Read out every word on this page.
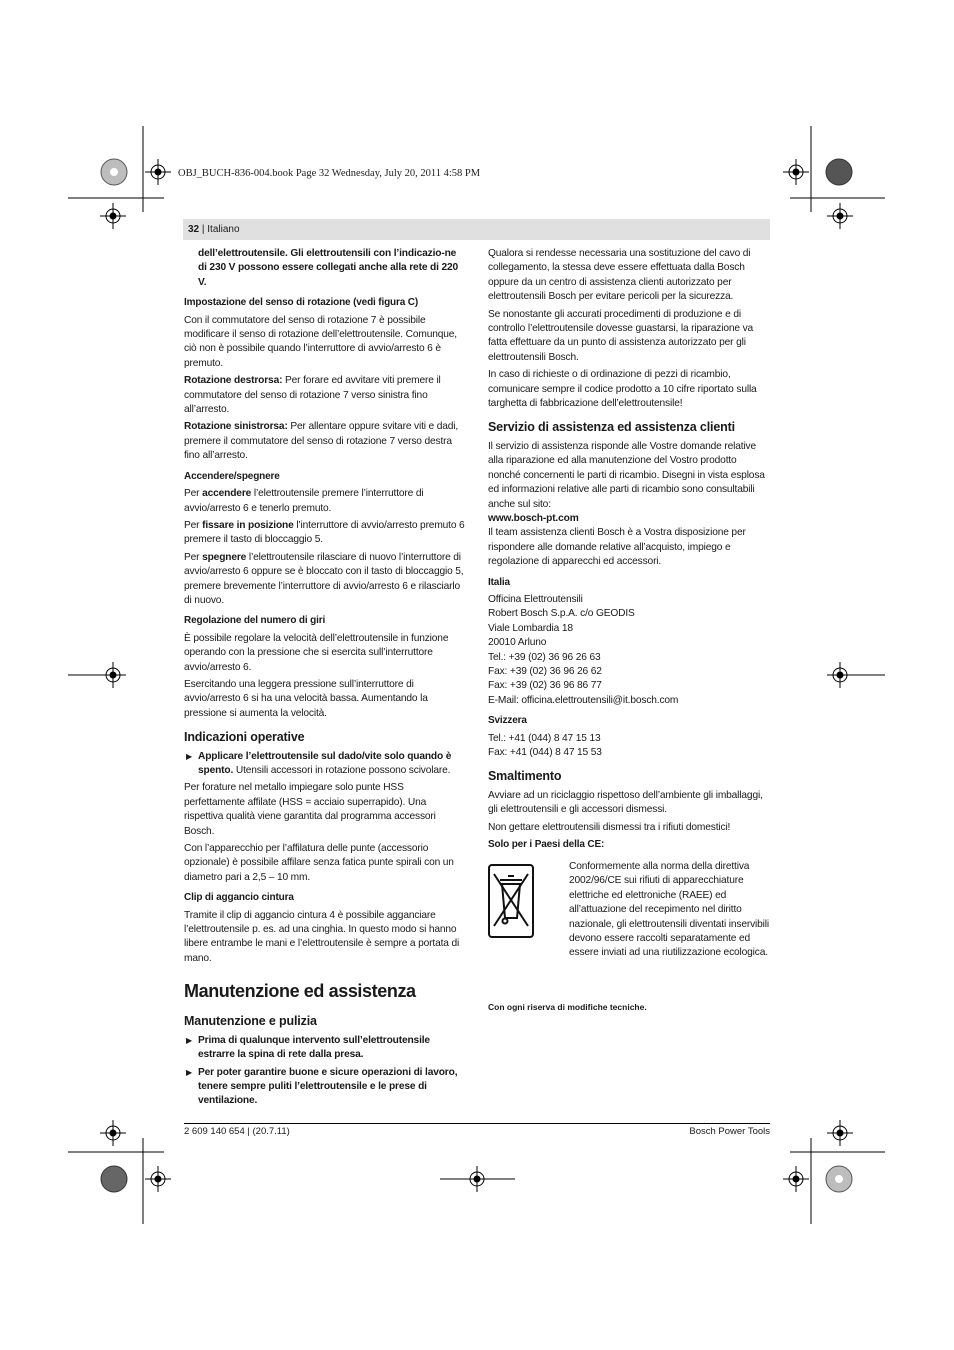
OBJ_BUCH-836-004.book Page 32 Wednesday, July 20, 2011 4:58 PM
32 | Italiano

dell’elettroutensile. Gli elettroutensili con l’indicazio-ne di 230 V possono essere collegati anche alla rete di 220 V.

Impostazione del senso di rotazione (vedi figura C)

Con il commutatore del senso di rotazione 7 è possibile modificare il senso di rotazione dell’elettroutensile. Comunque, ciò non è possibile quando l’interruttore di avvio/arresto 6 è premuto.

Rotazione destrorsa: Per forare ed avvitare viti premere il commutatore del senso di rotazione 7 verso sinistra fino all’arresto.

Rotazione sinistrorsa: Per allentare oppure svitare viti e dadi, premere il commutatore del senso di rotazione 7 verso destra fino all’arresto.

Accendere/spegnere

Per accendere l’elettroutensile premere l’interruttore di avvio/arresto 6 e tenerlo premuto.

Per fissare in posizione l’interruttore di avvio/arresto premuto 6 premere il tasto di bloccaggio 5.

Per spegnere l’elettroutensile rilasciare di nuovo l’interruttore di avvio/arresto 6 oppure se è bloccato con il tasto di bloccaggio 5, premere brevemente l’interruttore di avvio/arresto 6 e rilasciarlo di nuovo.

Regolazione del numero di giri

È possibile regolare la velocità dell’elettroutensile in funzione operando con la pressione che si esercita sull’interruttore avvio/arresto 6.

Esercitando una leggera pressione sull’interruttore di avvio/arresto 6 si ha una velocità bassa. Aumentando la pressione si aumenta la velocità.

Indicazioni operative
▶ Applicare l’elettroutensile sul dado/vite solo quando è spento. Utensili accessori in rotazione possono scivolare.

Per forature nel metallo impiegare solo punte HSS perfettamente affilate (HSS = acciaio superrapido). Una rispettiva qualità viene garantita dal programma accessori Bosch.

Con l’apparecchio per l’affilatura delle punte (accessorio opzionale) è possibile affilare senza fatica punte spirali con un diametro pari a 2,5 – 10 mm.

Clip di aggancio cintura

Tramite il clip di aggancio cintura 4 è possibile agganciare l’elettroutensile p. es. ad una cinghia. In questo modo si hanno libere entrambe le mani e l’elettroutensile è sempre a portata di mano.

Manutenzione ed assistenza
Manutenzione e pulizia
▶ Prima di qualunque intervento sull’elettroutensile estrarre la spina di rete dalla presa.
▶ Per poter garantire buone e sicure operazioni di lavoro, tenere sempre puliti l’elettroutensile e le prese di ventilazione.

Qualora si rendesse necessaria una sostituzione del cavo di collegamento, la stessa deve essere effettuata dalla Bosch oppure da un centro di assistenza clienti autorizzato per elettroutensili Bosch per evitare pericoli per la sicurezza.

Se nonostante gli accurati procedimenti di produzione e di controllo l’elettroutensile dovesse guastarsi, la riparazione va fatta effettuare da un punto di assistenza autorizzato per gli elettroutensili Bosch.

In caso di richieste o di ordinazione di pezzi di ricambio, comunicare sempre il codice prodotto a 10 cifre riportato sulla targhetta di fabbricazione dell’elettroutensile!

Servizio di assistenza ed assistenza clienti

Il servizio di assistenza risponde alle Vostre domande relative alla riparazione ed alla manutenzione del Vostro prodotto nonché concernenti le parti di ricambio. Disegni in vista esplosa ed informazioni relative alle parti di ricambio sono consultabili anche sul sito:

www.bosch-pt.com

Il team assistenza clienti Bosch è a Vostra disposizione per rispondere alle domande relative all’acquisto, impiego e regolazione di apparecchi ed accessori.

Italia
Officina Elettroutensili
Robert Bosch S.p.A. c/o GEODIS
Viale Lombardia 18
20010 Arluno
Tel.: +39 (02) 36 96 26 63
Fax: +39 (02) 36 96 26 62
Fax: +39 (02) 36 96 86 77
E-Mail: officina.elettroutensili@it.bosch.com
Svizzera
Tel.: +41 (044) 8 47 15 13
Fax: +41 (044) 8 47 15 53
Smaltimento

Avviare ad un riciclaggio rispettoso dell’ambiente gli imballaggi, gli elettroutensili e gli accessori dismessi.

Non gettare elettroutensili dismessi tra i rifiuti domestici!

Solo per i Paesi della CE:
Conformemente alla norma della direttiva 2002/96/CE sui rifiuti di apparecchiature elettriche ed elettroniche (RAEE) ed all’attuazione del recepimento nel diritto nazionale, gli elettroutensili diventati inservibili devono essere raccolti separatamente ed essere inviati ad una riutilizzazione ecologica.
Con ogni riserva di modifiche tecniche.
2 609 140 654 | (20.7.11)	Bosch Power Tools
